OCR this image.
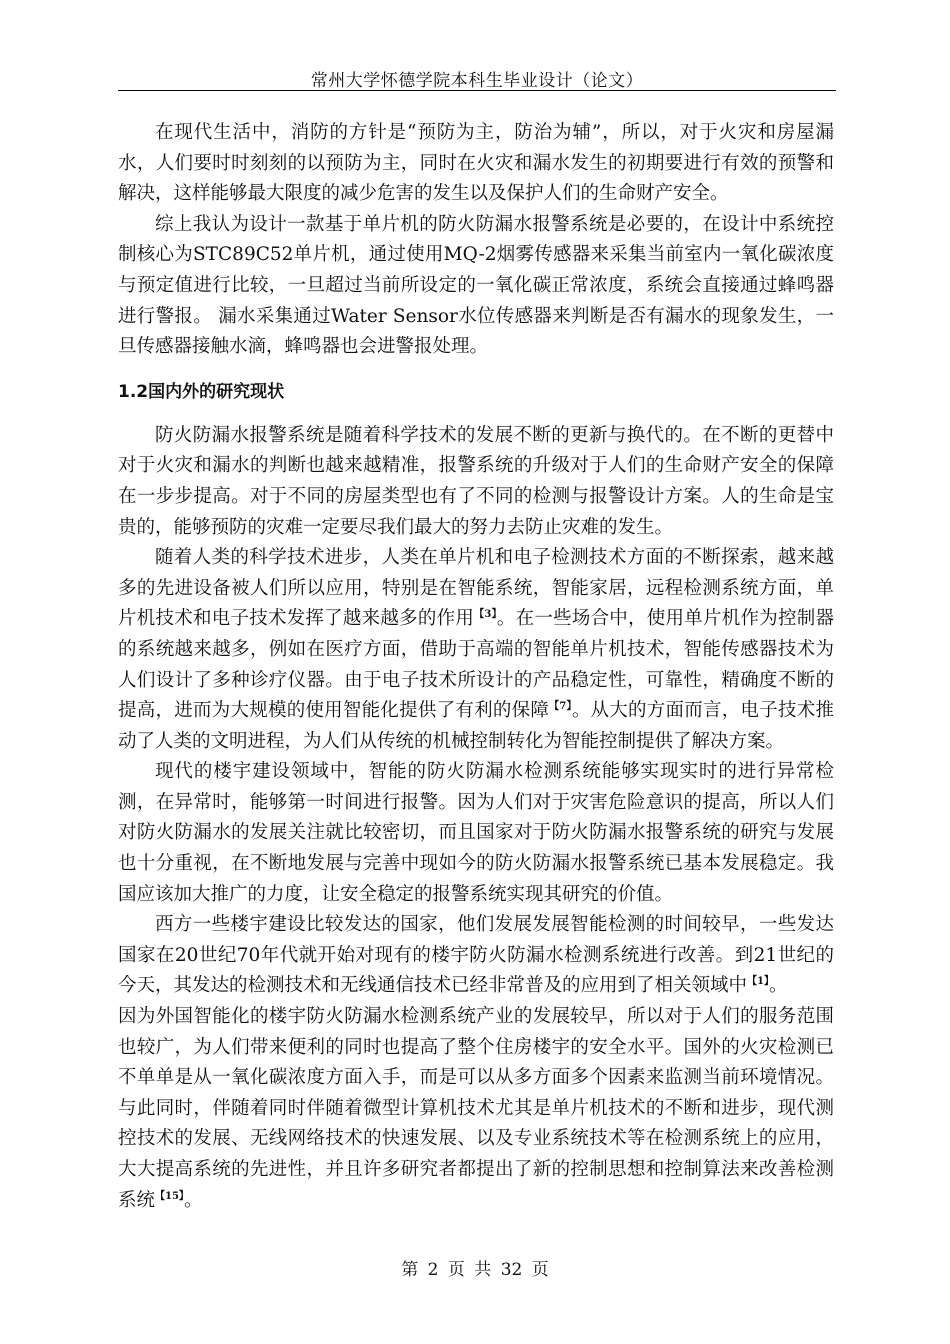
常州大学怀德学院本科生毕业设计（论文）

在现代生活中，消防的方针是“预防为主，防治为辅”，所以，对于火灾和房屋漏水，人们要时时刻刻的以预防为主，同时在火灾和漏水发生的初期要进行有效的预警和解决，这样能够最大限度的减少危害的发生以及保护人们的生命财产安全。

综上我认为设计一款基于单片机的防火防漏水报警系统是必要的，在设计中系统控制核心为STC89C52单片机，通过使用MQ-2烟雾传感器来采集当前室内一氧化碳浓度与预定值进行比较，一旦超过当前所设定的一氧化碳正常浓度，系统会直接通过蜂鸣器进行警报。 漏水采集通过Water Sensor水位传感器来判断是否有漏水的现象发生，一旦传感器接触水滴，蜂鸣器也会进警报处理。

1.2国内外的研究现状

防火防漏水报警系统是随着科学技术的发展不断的更新与换代的。在不断的更替中对于火灾和漏水的判断也越来越精准，报警系统的升级对于人们的生命财产安全的保障在一步步提高。对于不同的房屋类型也有了不同的检测与报警设计方案。人的生命是宝贵的，能够预防的灾难一定要尽我们最大的努力去防止灾难的发生。

随着人类的科学技术进步，人类在单片机和电子检测技术方面的不断探索，越来越多的先进设备被人们所以应用，特别是在智能系统，智能家居，远程检测系统方面，单片机技术和电子技术发挥了越来越多的作用$^{【3】}$。在一些场合中，使用单片机作为控制器的系统越来越多，例如在医疗方面，借助于高端的智能单片机技术，智能传感器技术为人们设计了多种诊疗仪器。由于电子技术所设计的产品稳定性，可靠性，精确度不断的提高，进而为大规模的使用智能化提供了有利的保障$^{【7】}$。从大的方面而言，电子技术推动了人类的文明进程，为人们从传统的机械控制转化为智能控制提供了解决方案。

现代的楼宇建设领域中，智能的防火防漏水检测系统能够实现实时的进行异常检测，在异常时，能够第一时间进行报警。因为人们对于灾害危险意识的提高，所以人们对防火防漏水的发展关注就比较密切，而且国家对于防火防漏水报警系统的研究与发展也十分重视，在不断地发展与完善中现如今的防火防漏水报警系统已基本发展稳定。我国应该加大推广的力度，让安全稳定的报警系统实现其研究的价值。

西方一些楼宇建设比较发达的国家，他们发展发展智能检测的时间较早，一些发达国家在20世纪70年代就开始对现有的楼宇防火防漏水检测系统进行改善。到21世纪的今天，其发达的检测技术和无线通信技术已经非常普及的应用到了相关领域中$^{【1】}$。

因为外国智能化的楼宇防火防漏水检测系统产业的发展较早，所以对于人们的服务范围也较广，为人们带来便利的同时也提高了整个住房楼宇的安全水平。国外的火灾检测已不单单是从一氧化碳浓度方面入手，而是可以从多方面多个因素来监测当前环境情况。与此同时，伴随着同时伴随着微型计算机技术尤其是单片机技术的不断和进步，现代测控技术的发展、无线网络技术的快速发展、以及专业系统技术等在检测系统上的应用，大大提高系统的先进性，并且许多研究者都提出了新的控制思想和控制算法来改善检测系统$^{【15】}$。

第 2 页 共 32 页
